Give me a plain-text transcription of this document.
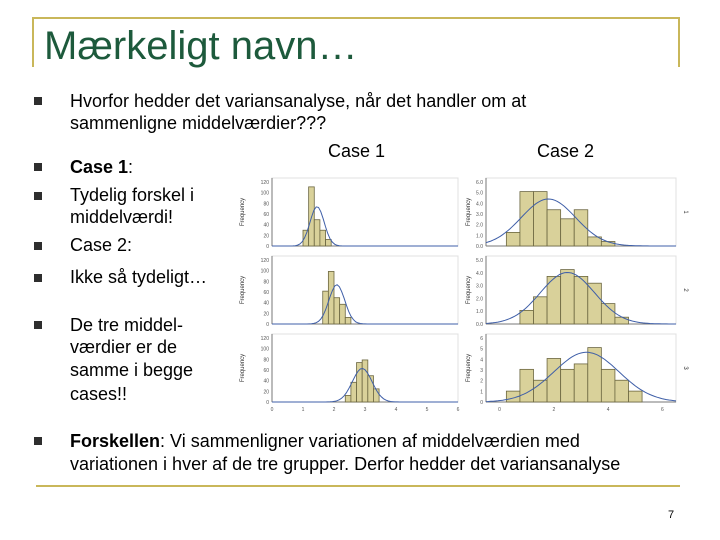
Mærkeligt navn…
Hvorfor hedder det variansanalyse, når det handler om at
sammenligne middelværdier???
Case 1	Case 2
Case 1:
Tydelig forskel i
middelværdi!
Case 2:
Ikke så tydeligt…
De tre middel-
værdier er de
samme i begge
cases!!
Forskellen: Vi sammenligner variationen af middelværdien med
variationen i hver af de tre grupper. Derfor hedder det variansanalyse
120
100
80
60
40
20
0
Frequency
120
100
80
60
40
20
0
Frequency
120
100
80
60
40
20
0
Frequency
0	1	2	3	4	5	6
6.0
5.0
4.0
3.0
2.0
1.0
0.0
Frequency	1
5.0
4.0
3.0
2.0
1.0
0.0
Frequency	2
6
5
4
3
2
1
0
Frequency	3
0	2	4	6
7
